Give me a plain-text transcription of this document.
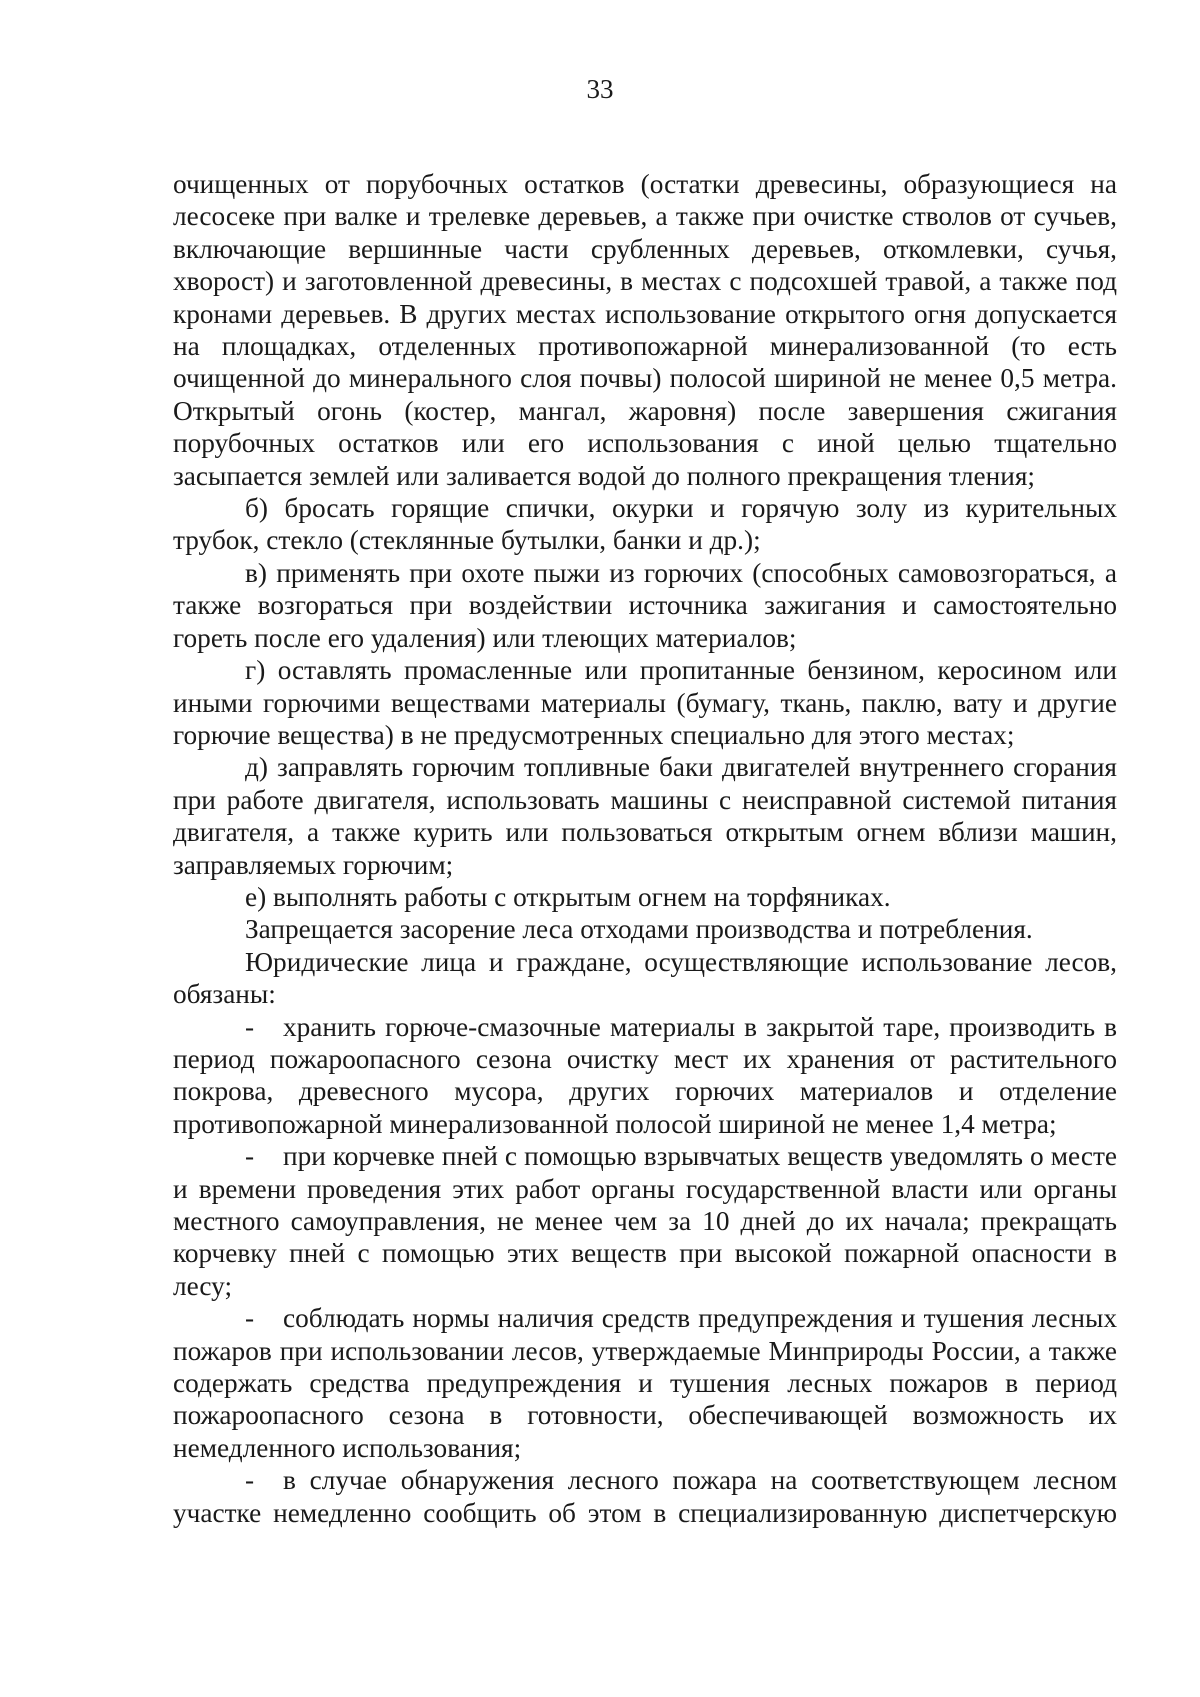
33

очищенных от порубочных остатков (остатки древесины, образующиеся на лесосеке при валке и трелевке деревьев, а также при очистке стволов от сучьев, включающие вершинные части срубленных деревьев, откомлевки, сучья, хворост) и заготовленной древесины, в местах с подсохшей травой, а также под кронами деревьев. В других местах использование открытого огня допускается на площадках, отделенных противопожарной минерализованной (то есть очищенной до минерального слоя почвы) полосой шириной не менее 0,5 метра. Открытый огонь (костер, мангал, жаровня) после завершения сжигания порубочных остатков или его использования с иной целью тщательно засыпается землей или заливается водой до полного прекращения тления;

б) бросать горящие спички, окурки и горячую золу из курительных трубок, стекло (стеклянные бутылки, банки и др.);

в) применять при охоте пыжи из горючих (способных самовозгораться, а также возгораться при воздействии источника зажигания и самостоятельно гореть после его удаления) или тлеющих материалов;

г) оставлять промасленные или пропитанные бензином, керосином или иными горючими веществами материалы (бумагу, ткань, паклю, вату и другие горючие вещества) в не предусмотренных специально для этого местах;

д) заправлять горючим топливные баки двигателей внутреннего сгорания при работе двигателя, использовать машины с неисправной системой питания двигателя, а также курить или пользоваться открытым огнем вблизи машин, заправляемых горючим;

е) выполнять работы с открытым огнем на торфяниках.

Запрещается засорение леса отходами производства и потребления.

Юридические лица и граждане, осуществляющие использование лесов, обязаны:

- хранить горюче-смазочные материалы в закрытой таре, производить в период пожароопасного сезона очистку мест их хранения от растительного покрова, древесного мусора, других горючих материалов и отделение противопожарной минерализованной полосой шириной не менее 1,4 метра;

- при корчевке пней с помощью взрывчатых веществ уведомлять о месте и времени проведения этих работ органы государственной власти или органы местного самоуправления, не менее чем за 10 дней до их начала; прекращать корчевку пней с помощью этих веществ при высокой пожарной опасности в лесу;

- соблюдать нормы наличия средств предупреждения и тушения лесных пожаров при использовании лесов, утверждаемые Минприроды России, а также содержать средства предупреждения и тушения лесных пожаров в период пожароопасного сезона в готовности, обеспечивающей возможность их немедленного использования;

- в случае обнаружения лесного пожара на соответствующем лесном участке немедленно сообщить об этом в специализированную диспетчерскую
